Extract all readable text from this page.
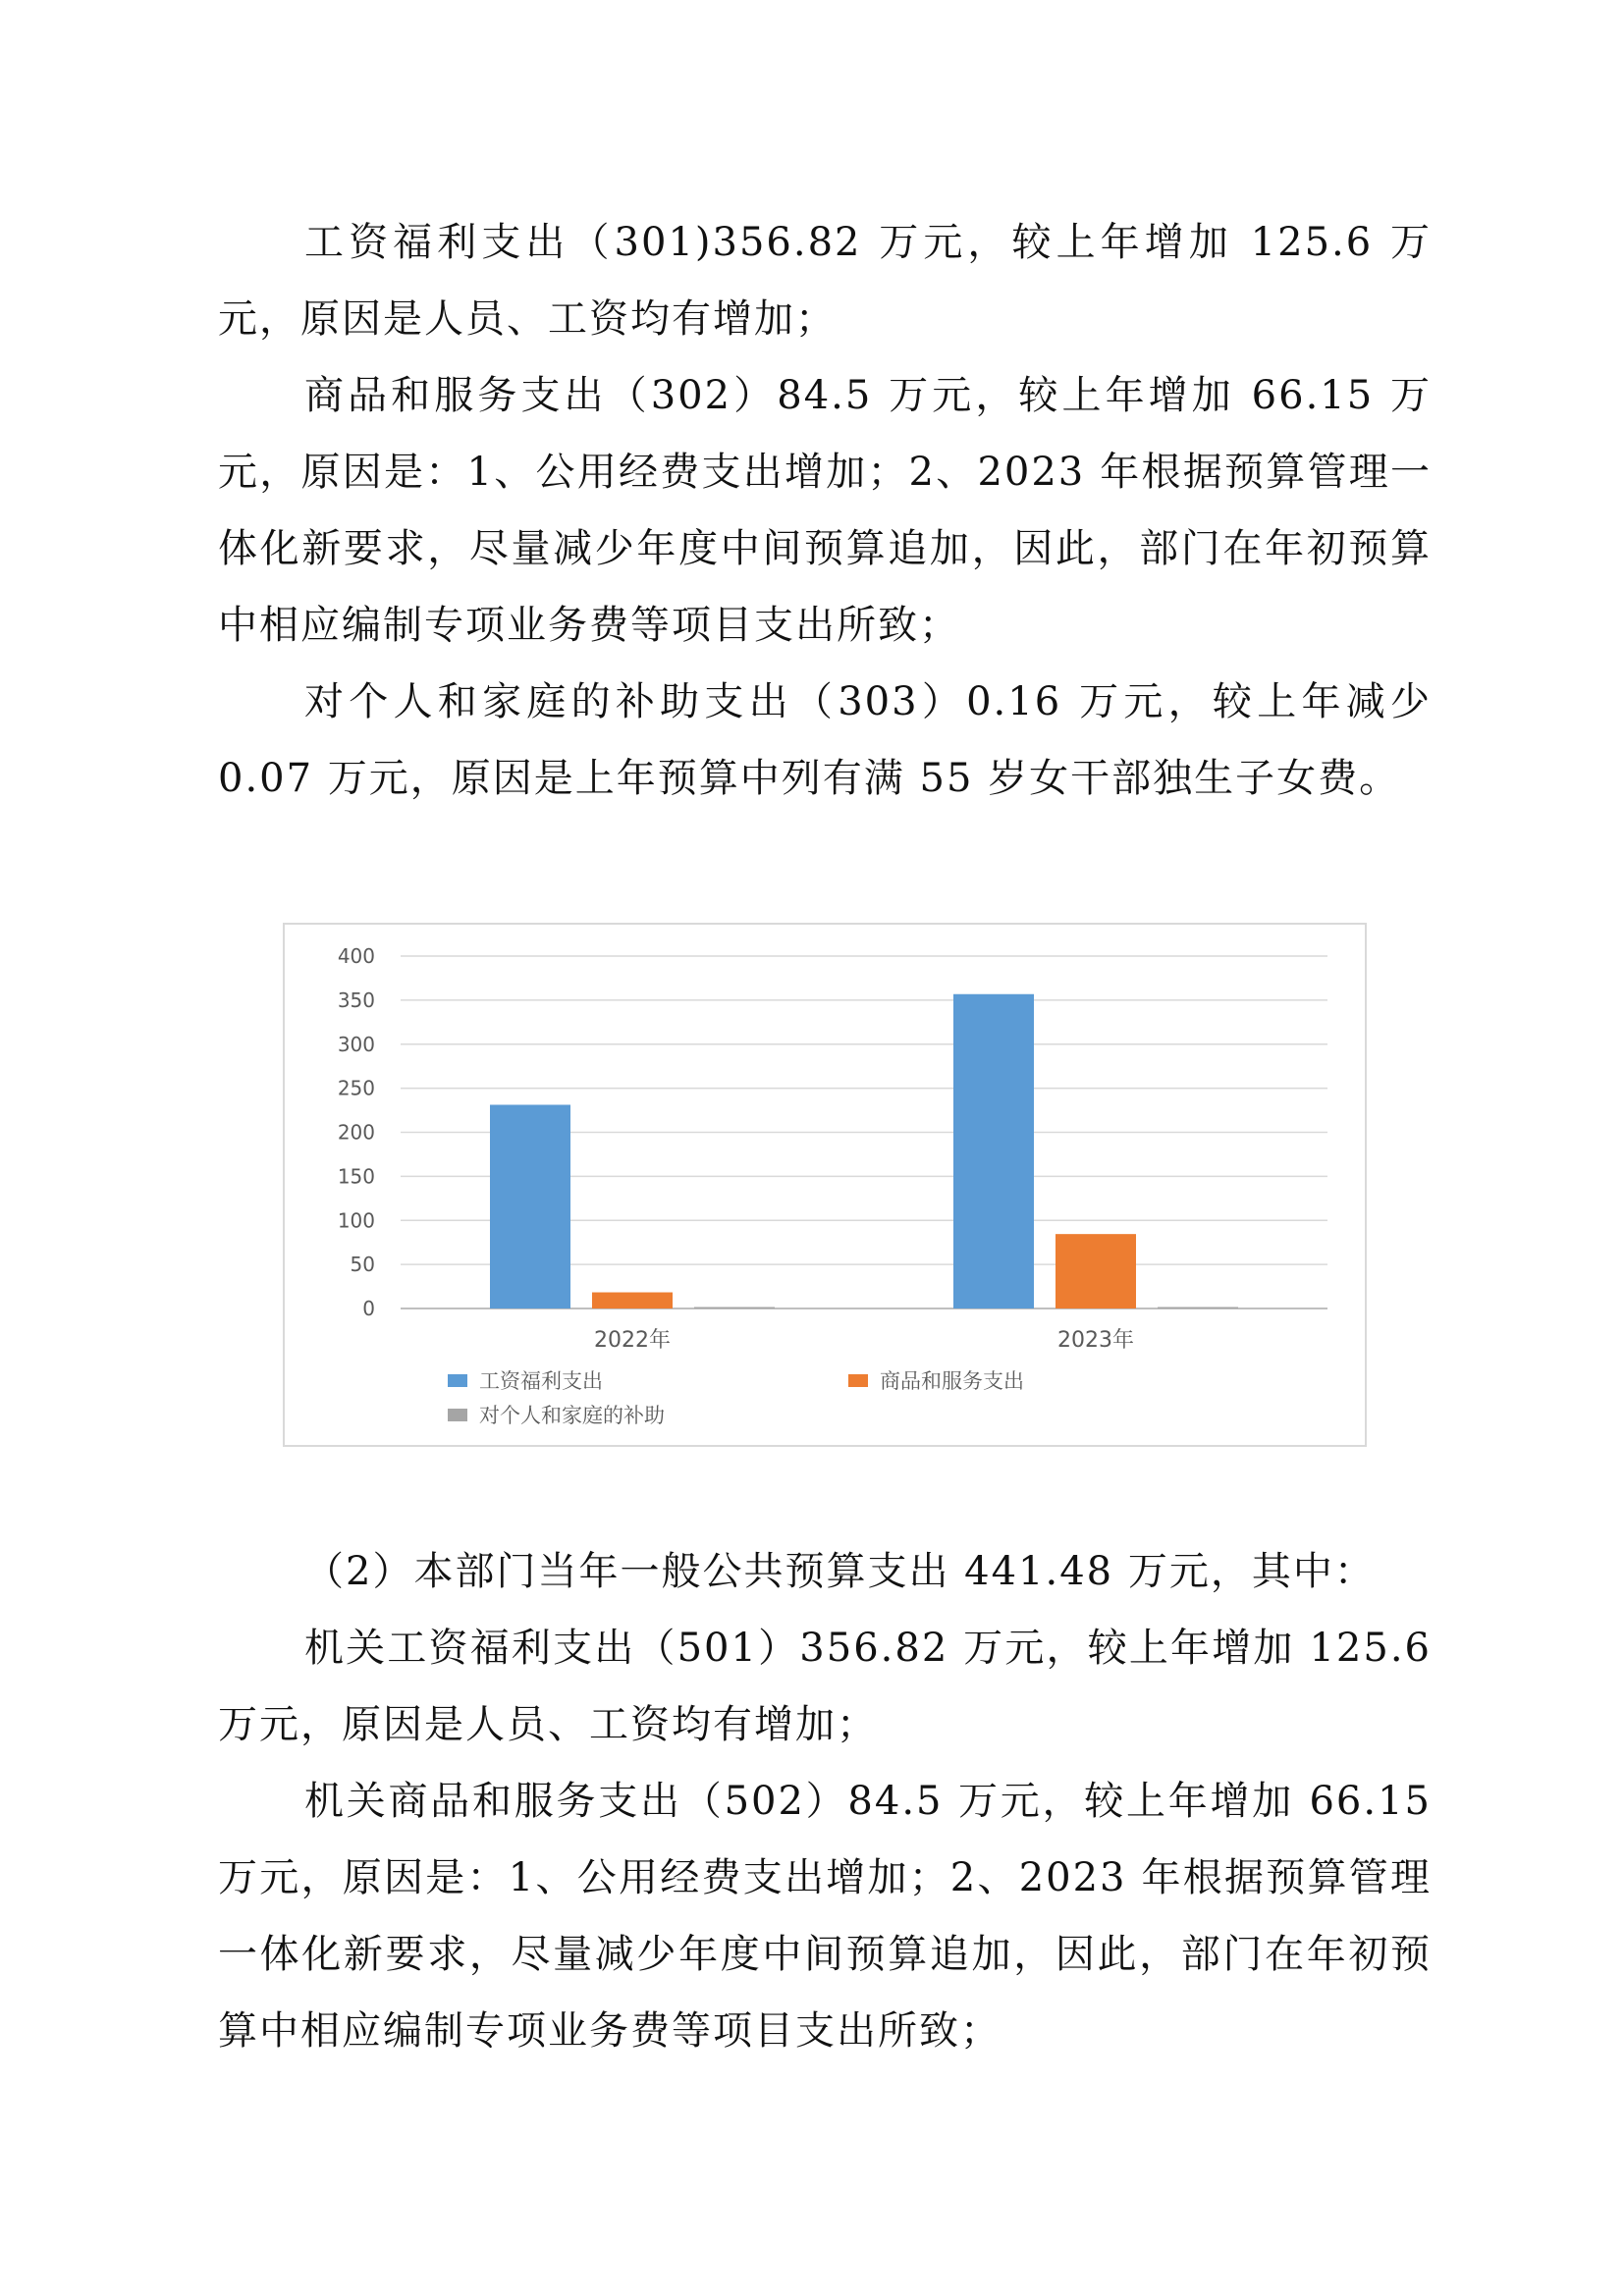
工资福利支出（301)356.82 万元，较上年增加 125.6 万元，原因是人员、工资均有增加；

商品和服务支出（302）84.5 万元，较上年增加 66.15 万元，原因是：1、公用经费支出增加；2、2023 年根据预算管理一体化新要求，尽量减少年度中间预算追加，因此，部门在年初预算中相应编制专项业务费等项目支出所致；

对个人和家庭的补助支出（303）0.16 万元，较上年减少 0.07 万元，原因是上年预算中列有满 55 岁女干部独生子女费。

0
50
100
150
200
250
300
350
400
2022年	2023年
工资福利支出	商品和服务支出
对个人和家庭的补助

（2）本部门当年一般公共预算支出 441.48 万元，其中：

机关工资福利支出（501）356.82 万元，较上年增加 125.6 万元，原因是人员、工资均有增加；

机关商品和服务支出（502）84.5 万元，较上年增加 66.15 万元，原因是：1、公用经费支出增加；2、2023 年根据预算管理一体化新要求，尽量减少年度中间预算追加，因此，部门在年初预算中相应编制专项业务费等项目支出所致；
